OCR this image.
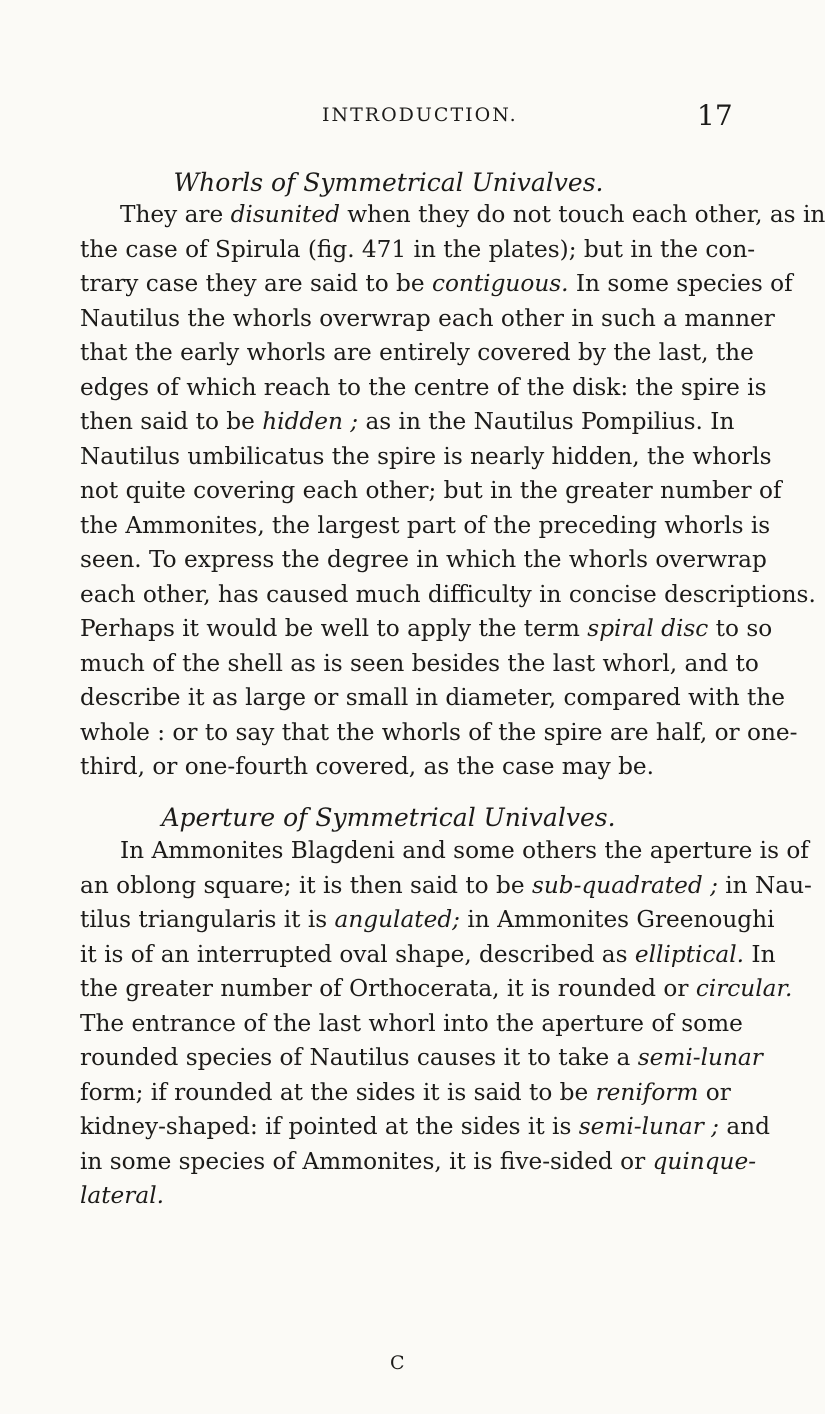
INTRODUCTION.	17
Whorls of Symmetrical Univalves.
They are disunited when they do not touch each other, as in
the case of Spirula (fig. 471 in the plates); but in the con-
trary case they are said to be contiguous. In some species of
Nautilus the whorls overwrap each other in such a manner
that the early whorls are entirely covered by the last, the
edges of which reach to the centre of the disk: the spire is
then said to be hidden ; as in the Nautilus Pompilius. In
Nautilus umbilicatus the spire is nearly hidden, the whorls
not quite covering each other; but in the greater number of
the Ammonites, the largest part of the preceding whorls is
seen. To express the degree in which the whorls overwrap
each other, has caused much difficulty in concise descriptions.
Perhaps it would be well to apply the term spiral disc to so
much of the shell as is seen besides the last whorl, and to
describe it as large or small in diameter, compared with the
whole : or to say that the whorls of the spire are half, or one-
third, or one-fourth covered, as the case may be.
Aperture of Symmetrical Univalves.
In Ammonites Blagdeni and some others the aperture is of
an oblong square; it is then said to be sub-quadrated ; in Nau-
tilus triangularis it is angulated; in Ammonites Greenoughi
it is of an interrupted oval shape, described as elliptical. In
the greater number of Orthocerata, it is rounded or circular.
The entrance of the last whorl into the aperture of some
rounded species of Nautilus causes it to take a semi-lunar
form; if rounded at the sides it is said to be reniform or
kidney-shaped: if pointed at the sides it is semi-lunar ; and
in some species of Ammonites, it is five-sided or quinque-
lateral.
C
